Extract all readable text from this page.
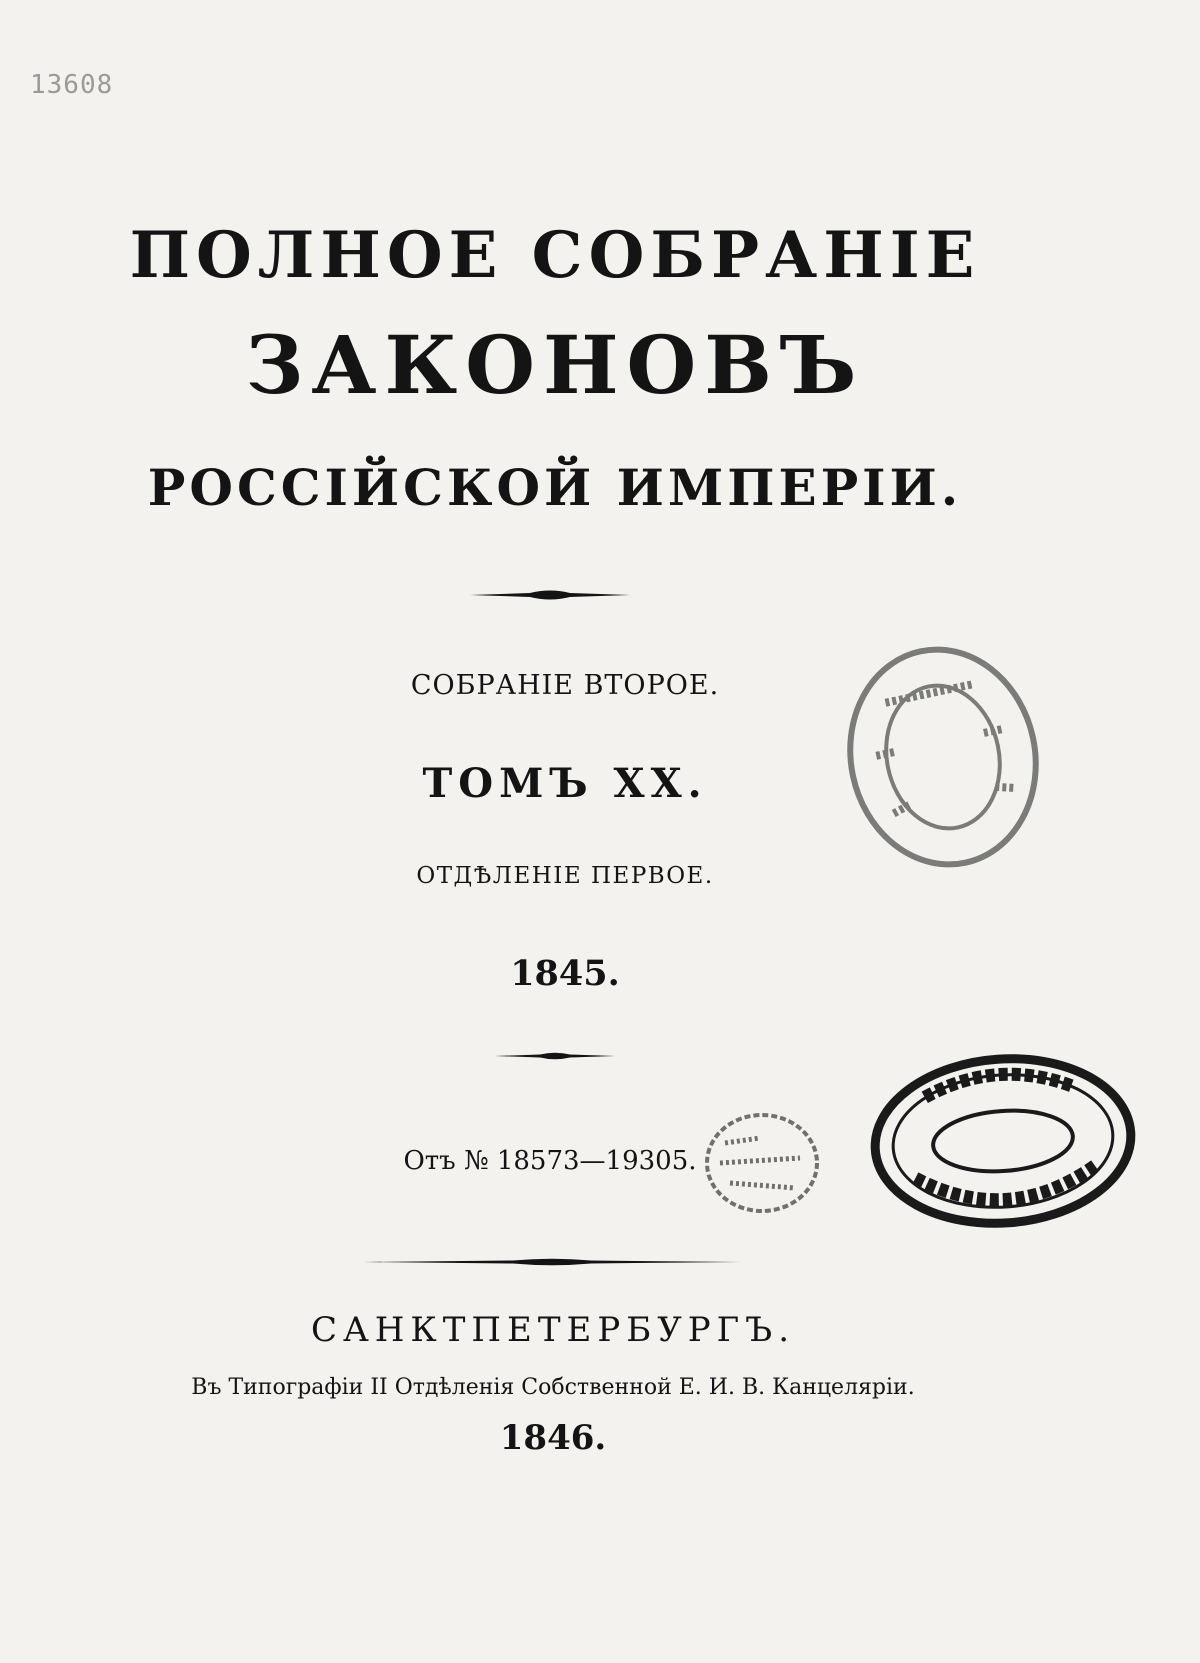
13608
ПОЛНОЕ СОБРАНІЕ
ЗАКОНОВЪ
РОССІЙСКОЙ ИМПЕРІИ.
СОБРАНІЕ ВТОРОЕ.
ТОМЪ XX.
ОТДѢЛЕНІЕ ПЕРВОЕ.
1845.
Отъ № 18573—19305.
САНКТПЕТЕРБУРГЪ.
Въ Типографіи II Отдѣленія Собственной Е. И. В. Канцеляріи.
1846.
